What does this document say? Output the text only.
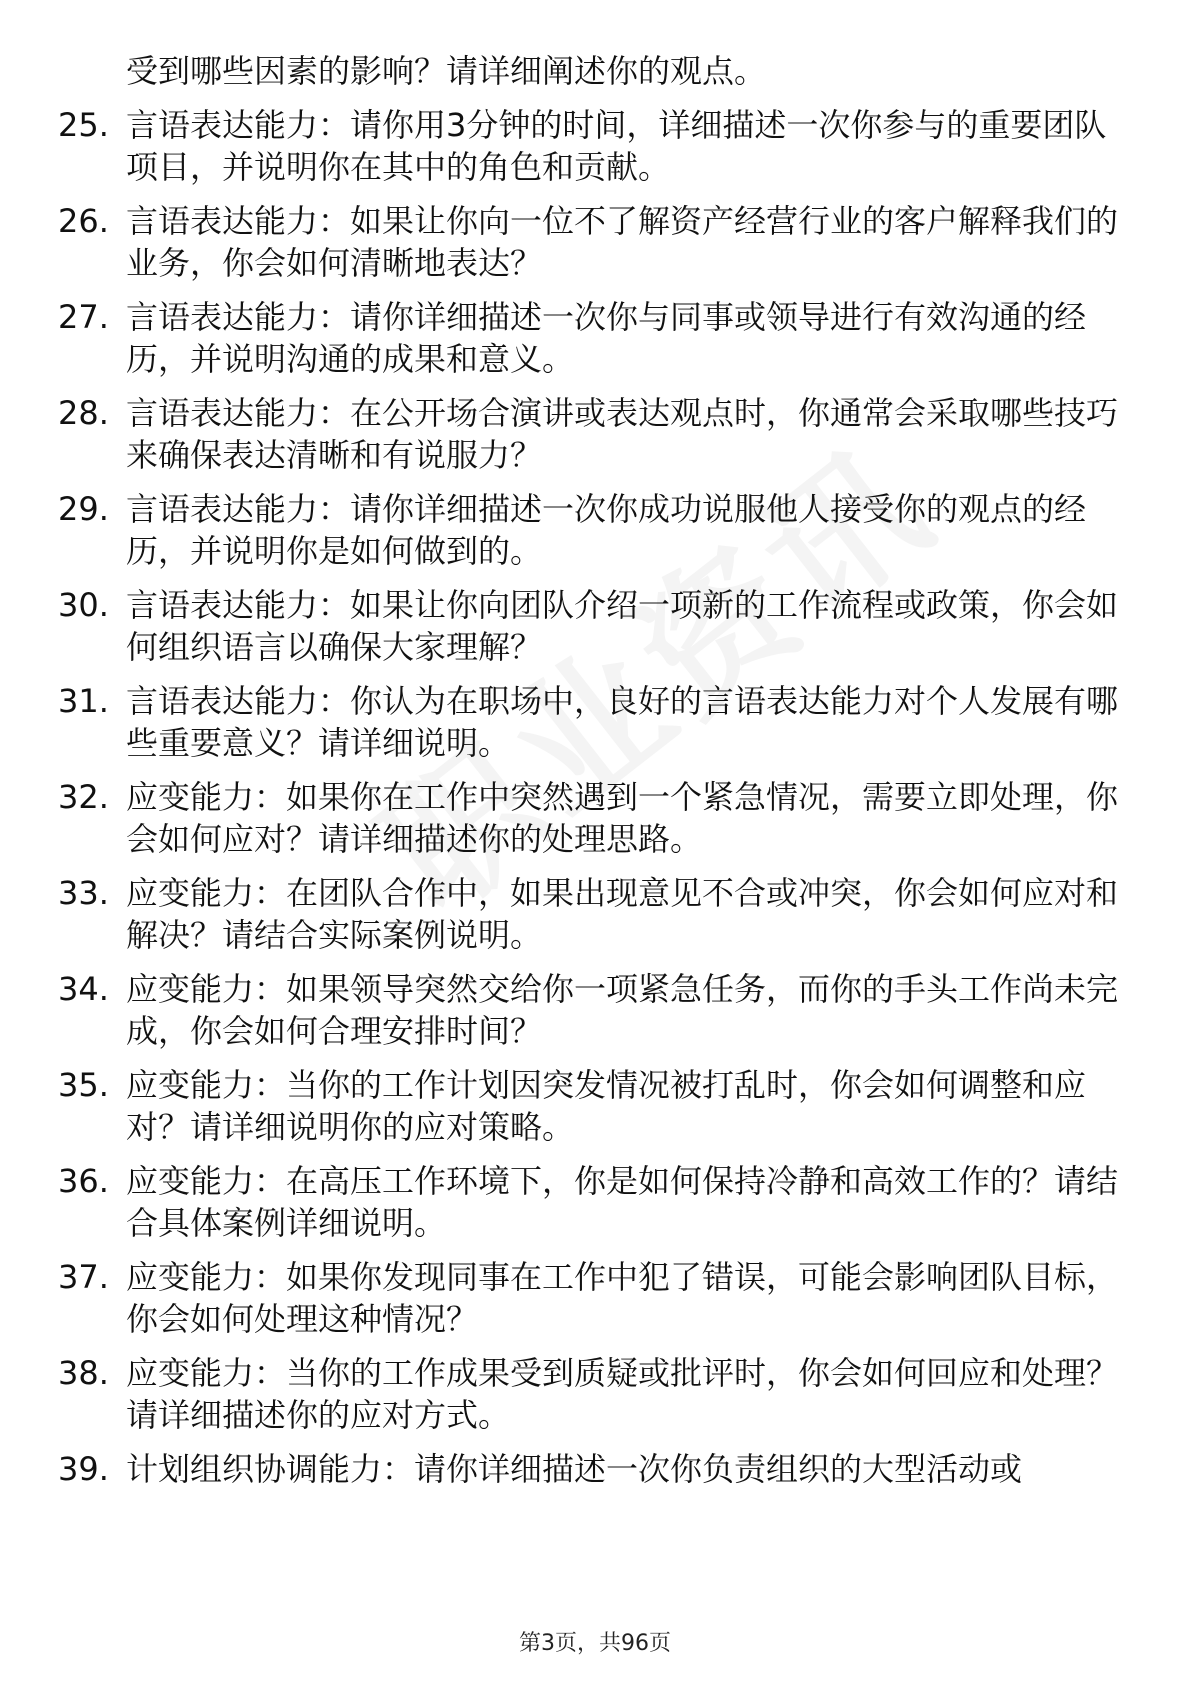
受到哪些因素的影响？请详细阐述你的观点。
25. 言语表达能力：请你用3分钟的时间，详细描述一次你参与的重要团队项目，并说明你在其中的角色和贡献。
26. 言语表达能力：如果让你向一位不了解资产经营行业的客户解释我们的业务，你会如何清晰地表达？
27. 言语表达能力：请你详细描述一次你与同事或领导进行有效沟通的经历，并说明沟通的成果和意义。
28. 言语表达能力：在公开场合演讲或表达观点时，你通常会采取哪些技巧来确保表达清晰和有说服力？
29. 言语表达能力：请你详细描述一次你成功说服他人接受你的观点的经历，并说明你是如何做到的。
30. 言语表达能力：如果让你向团队介绍一项新的工作流程或政策，你会如何组织语言以确保大家理解？
31. 言语表达能力：你认为在职场中，良好的言语表达能力对个人发展有哪些重要意义？请详细说明。
32. 应变能力：如果你在工作中突然遇到一个紧急情况，需要立即处理，你会如何应对？请详细描述你的处理思路。
33. 应变能力：在团队合作中，如果出现意见不合或冲突，你会如何应对和解决？请结合实际案例说明。
34. 应变能力：如果领导突然交给你一项紧急任务，而你的手头工作尚未完成，你会如何合理安排时间？
35. 应变能力：当你的工作计划因突发情况被打乱时，你会如何调整和应对？请详细说明你的应对策略。
36. 应变能力：在高压工作环境下，你是如何保持冷静和高效工作的？请结合具体案例详细说明。
37. 应变能力：如果你发现同事在工作中犯了错误，可能会影响团队目标，你会如何处理这种情况？
38. 应变能力：当你的工作成果受到质疑或批评时，你会如何回应和处理？请详细描述你的应对方式。
39. 计划组织协调能力：请你详细描述一次你负责组织的大型活动或
第3页，共96页
